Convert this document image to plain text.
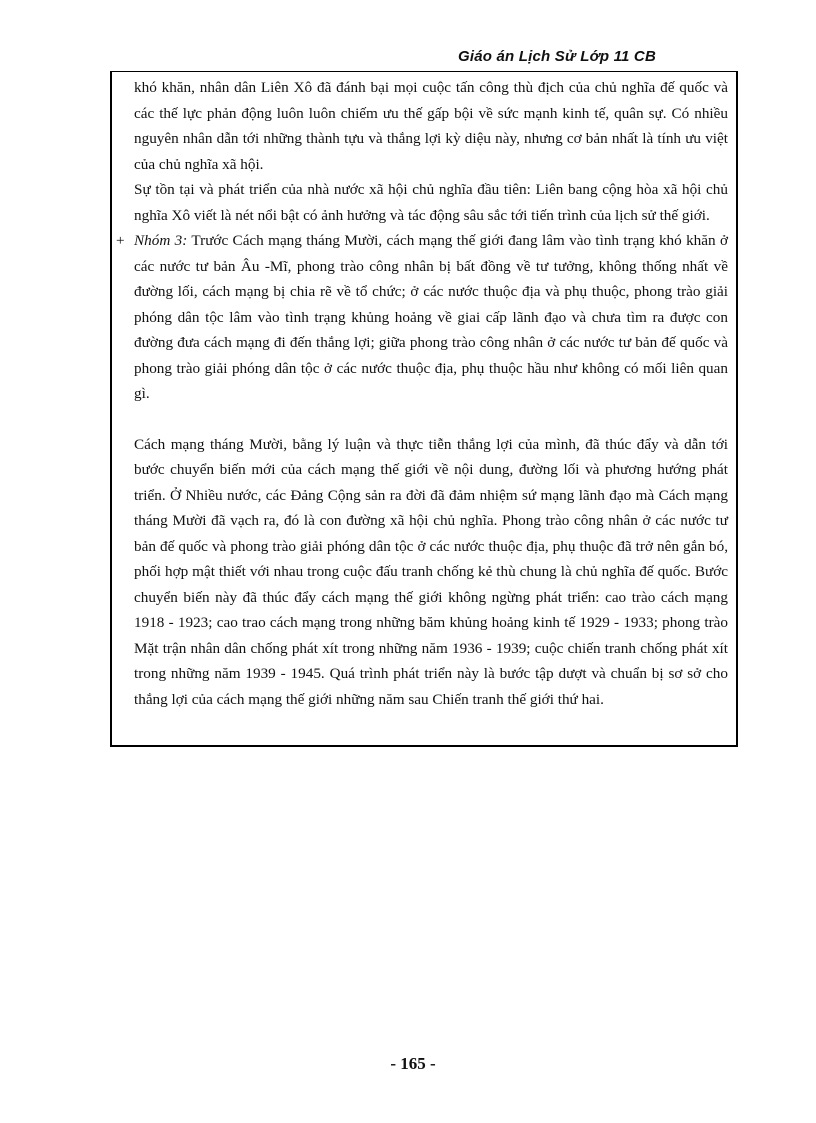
Giáo án Lịch Sử Lớp 11 CB

khó khăn, nhân dân Liên Xô đã đánh bại mọi cuộc tấn công thù địch của chủ nghĩa đế quốc và các thế lực phản động luôn luôn chiếm ưu thế gấp bội về sức mạnh kinh tế, quân sự. Có nhiều nguyên nhân dẫn tới những thành tựu và thắng lợi kỳ diệu này, nhưng cơ bản nhất là tính ưu việt của chủ nghĩa xã hội.

Sự tồn tại và phát triển của nhà nước xã hội chủ nghĩa đầu tiên: Liên bang cộng hòa xã hội chủ nghĩa Xô viết là nét nổi bật có ảnh hưởng và tác động sâu sắc tới tiến trình của lịch sử thế giới.

+ Nhóm 3: Trước Cách mạng tháng Mười, cách mạng thế giới đang lâm vào tình trạng khó khăn ở các nước tư bản Âu -Mĩ, phong trào công nhân bị bất đồng về tư tưởng, không thống nhất về đường lối, cách mạng bị chia rẽ về tổ chức; ở các nước thuộc địa và phụ thuộc, phong trào giải phóng dân tộc lâm vào tình trạng khủng hoảng về giai cấp lãnh đạo và chưa tìm ra được con đường đưa cách mạng đi đến thắng lợi; giữa phong trào công nhân ở các nước tư bản đế quốc và phong trào giải phóng dân tộc ở các nước thuộc địa, phụ thuộc hầu như không có mối liên quan gì.

Cách mạng tháng Mười, bằng lý luận và thực tiễn thắng lợi của mình, đã thúc đẩy và dẫn tới bước chuyển biến mới của cách mạng thế giới về nội dung, đường lối và phương hướng phát triển. Ở Nhiều nước, các Đảng Cộng sản ra đời đã đảm nhiệm sứ mạng lãnh đạo mà Cách mạng tháng Mười đã vạch ra, đó là con đường xã hội chủ nghĩa. Phong trào công nhân ở các nước tư bản đế quốc và phong trào giải phóng dân tộc ở các nước thuộc địa, phụ thuộc đã trở nên gắn bó, phối hợp mật thiết với nhau trong cuộc đấu tranh chống kẻ thù chung là chủ nghĩa đế quốc. Bước chuyển biến này đã thúc đẩy cách mạng thế giới không ngừng phát triển: cao trào cách mạng 1918 - 1923; cao trao cách mạng trong những băm khủng hoảng kinh tế 1929 - 1933; phong trào Mặt trận nhân dân chống phát xít trong những năm 1936 - 1939; cuộc chiến tranh chống phát xít trong những năm 1939 - 1945. Quá trình phát triển này là bước tập dượt và chuẩn bị sơ sở cho thắng lợi của cách mạng thế giới những năm sau Chiến tranh thế giới thứ hai.

- 165 -
